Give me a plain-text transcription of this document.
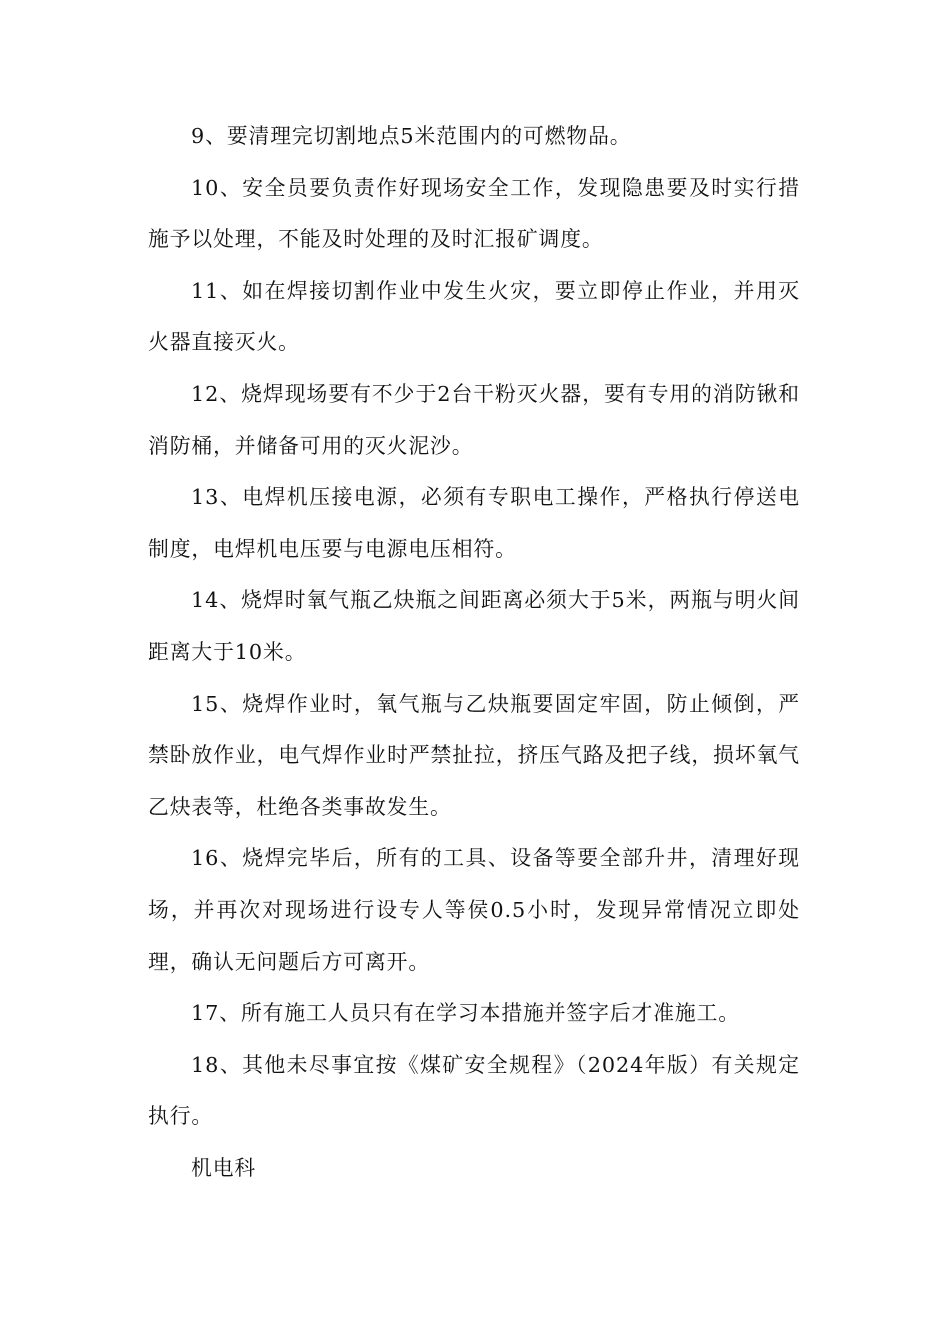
9、要清理完切割地点5米范围内的可燃物品。

10、安全员要负责作好现场安全工作，发现隐患要及时实行措施予以处理，不能及时处理的及时汇报矿调度。

11、如在焊接切割作业中发生火灾，要立即停止作业，并用灭火器直接灭火。

12、烧焊现场要有不少于2台干粉灭火器，要有专用的消防锹和消防桶，并储备可用的灭火泥沙。

13、电焊机压接电源，必须有专职电工操作，严格执行停送电制度，电焊机电压要与电源电压相符。

14、烧焊时氧气瓶乙炔瓶之间距离必须大于5米，两瓶与明火间距离大于10米。

15、烧焊作业时，氧气瓶与乙炔瓶要固定牢固，防止倾倒，严禁卧放作业，电气焊作业时严禁扯拉，挤压气路及把子线，损坏氧气乙炔表等，杜绝各类事故发生。

16、烧焊完毕后，所有的工具、设备等要全部升井，清理好现场，并再次对现场进行设专人等侯0.5小时，发现异常情况立即处理，确认无问题后方可离开。

17、所有施工人员只有在学习本措施并签字后才准施工。

18、其他未尽事宜按《煤矿安全规程》（2024年版）有关规定执行。

机电科
